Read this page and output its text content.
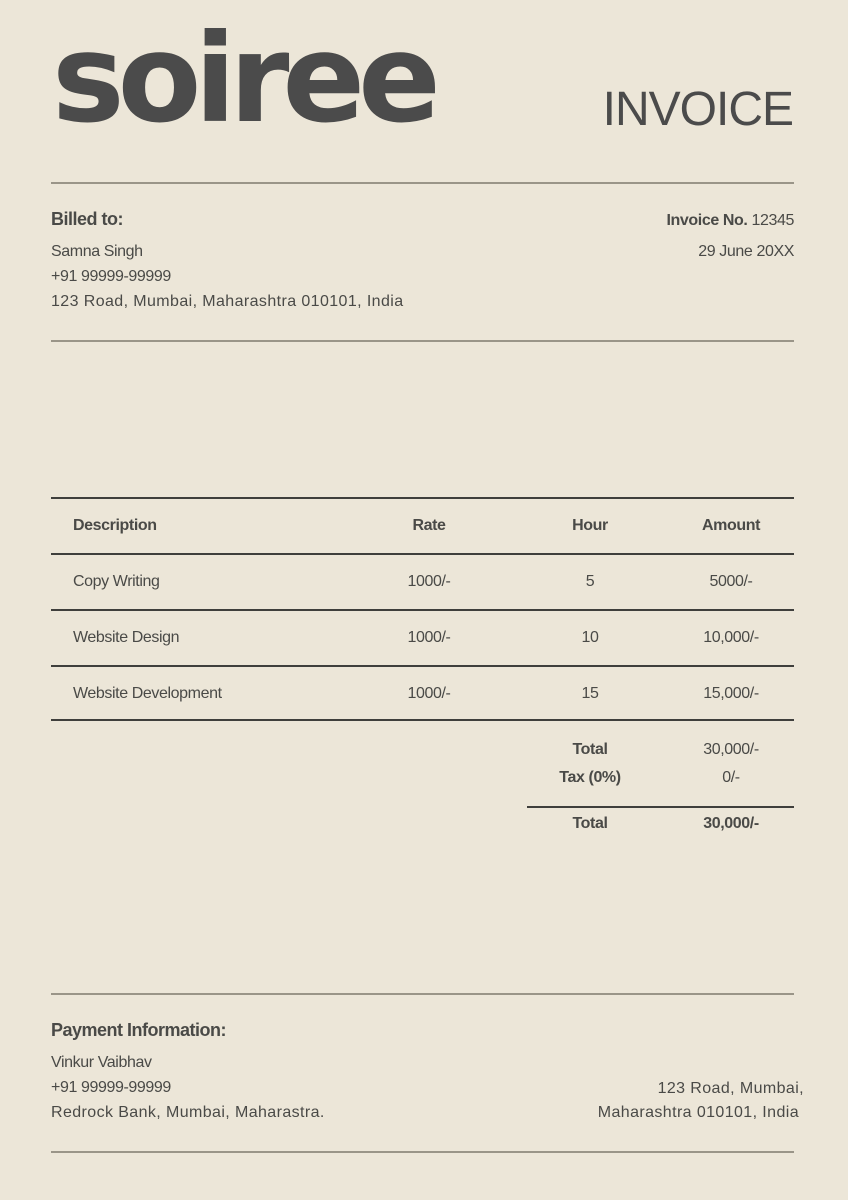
soiree	INVOICE
Billed to:
Samna Singh
+91 99999-99999
123 Road, Mumbai, Maharashtra 010101, India
Invoice No. 12345
29 June 20XX
Description	Rate	Hour	Amount
Copy Writing	1000/-	5	5000/-
Website Design	1000/-	10	10,000/-
Website Development	1000/-	15	15,000/-
Total	30,000/-
Tax (0%)	0/-
Total	30,000/-
Payment Information:
Vinkur Vaibhav
+91 99999-99999
Redrock Bank, Mumbai, Maharastra.
123 Road, Mumbai,
Maharashtra 010101, India
